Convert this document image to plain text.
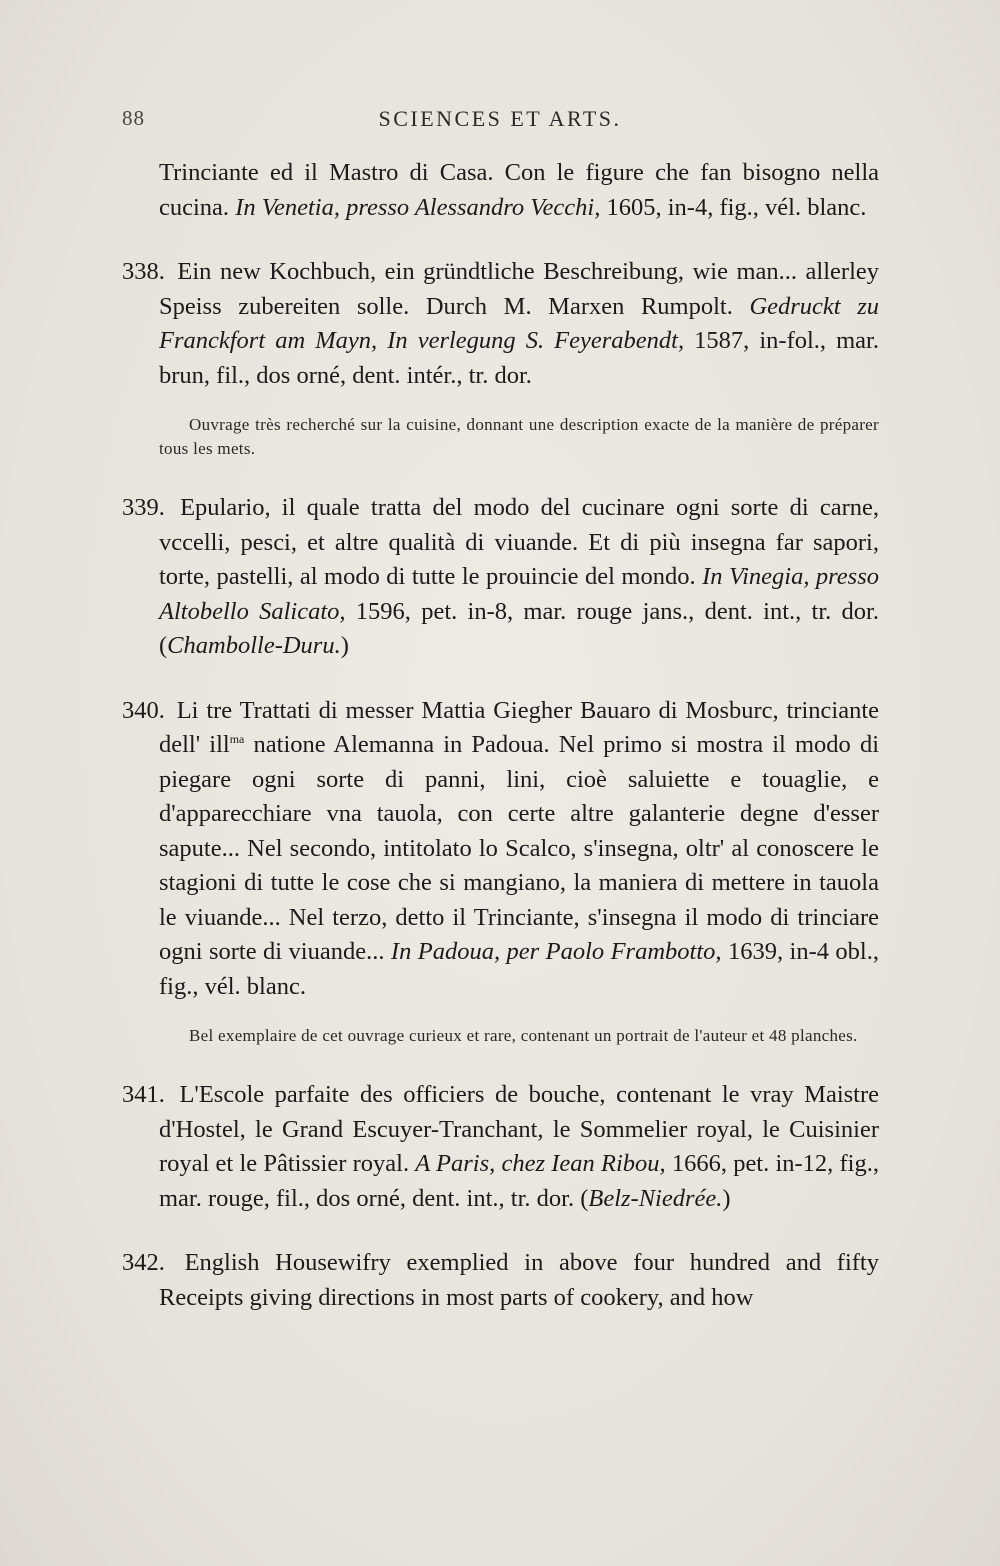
88	SCIENCES ET ARTS.

Trinciante ed il Mastro di Casa. Con le figure che fan bisogno nella cucina. In Venetia, presso Alessandro Vecchi, 1605, in-4, fig., vél. blanc.

338. Ein new Kochbuch, ein gründtliche Beschreibung, wie man... allerley Speiss zubereiten solle. Durch M. Marxen Rumpolt. Gedruckt zu Franckfort am Mayn, In verlegung S. Feyerabendt, 1587, in-fol., mar. brun, fil., dos orné, dent. intér., tr. dor.

Ouvrage très recherché sur la cuisine, donnant une description exacte de la manière de préparer tous les mets.

339. Epulario, il quale tratta del modo del cucinare ogni sorte di carne, vccelli, pesci, et altre qualità di viuande. Et di più insegna far sapori, torte, pastelli, al modo di tutte le prouincie del mondo. In Vinegia, presso Altobello Salicato, 1596, pet. in-8, mar. rouge jans., dent. int., tr. dor. (Chambolle-Duru.)

340. Li tre Trattati di messer Mattia Giegher Bauaro di Mosburc, trinciante dell' ill$^{ma}$ natione Alemanna in Padoua. Nel primo si mostra il modo di piegare ogni sorte di panni, lini, cioè saluiette e touaglie, e d'apparecchiare vna tauola, con certe altre galanterie degne d'esser sapute... Nel secondo, intitolato lo Scalco, s'insegna, oltr' al conoscere le stagioni di tutte le cose che si mangiano, la maniera di mettere in tauola le viuande... Nel terzo, detto il Trinciante, s'insegna il modo di trinciare ogni sorte di viuande... In Padoua, per Paolo Frambotto, 1639, in-4 obl., fig., vél. blanc.

Bel exemplaire de cet ouvrage curieux et rare, contenant un portrait de l'auteur et 48 planches.

341. L'Escole parfaite des officiers de bouche, contenant le vray Maistre d'Hostel, le Grand Escuyer-Tranchant, le Sommelier royal, le Cuisinier royal et le Pâtissier royal. A Paris, chez Iean Ribou, 1666, pet. in-12, fig., mar. rouge, fil., dos orné, dent. int., tr. dor. (Belz-Niedrée.)

342. English Housewifry exemplied in above four hundred and fifty Receipts giving directions in most parts of cookery, and how
